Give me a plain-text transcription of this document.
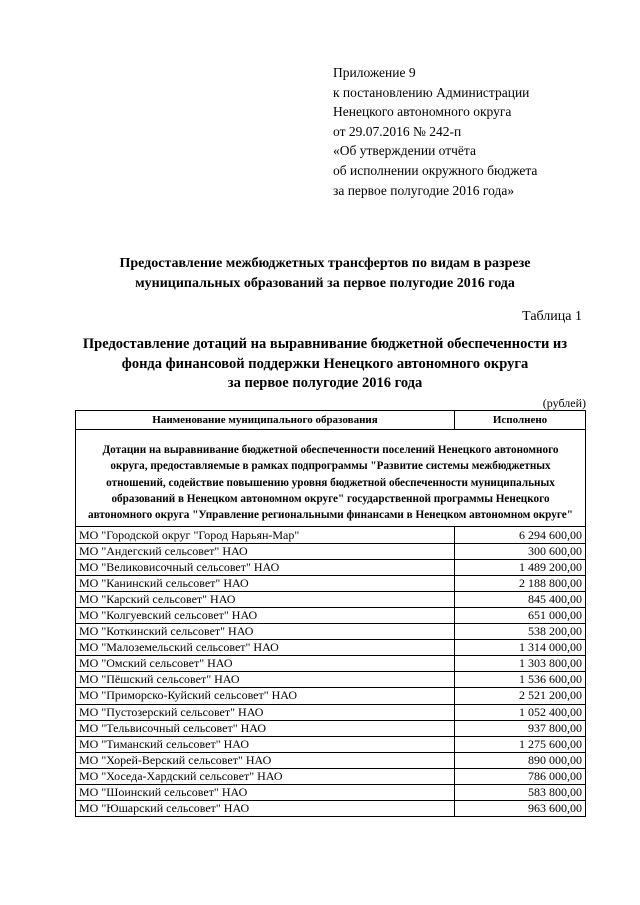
Приложение 9
к постановлению Администрации
Ненецкого автономного округа
от 29.07.2016 № 242-п
«Об утверждении отчёта
об исполнении окружного бюджета
за первое полугодие 2016 года»
Предоставление межбюджетных трансфертов по видам в разрезе
муниципальных образований за первое полугодие 2016 года
Таблица 1
Предоставление дотаций на выравнивание бюджетной обеспеченности из
фонда финансовой поддержки Ненецкого автономного округа
за первое полугодие 2016 года
(рублей)
Наименование муниципального образования	Исполнено
Дотации на выравнивание бюджетной обеспеченности поселений Ненецкого автономного округа, предоставляемые в рамках подпрограммы "Развитие системы межбюджетных отношений, содействие повышению уровня бюджетной обеспеченности муниципальных образований в Ненецком автономном округе" государственной программы Ненецкого автономного округа "Управление региональными финансами в Ненецком автономном округе"	
МО "Городской округ "Город Нарьян-Мар"	6 294 600,00
МО "Андегский сельсовет" НАО	300 600,00
МО "Великовисочный сельсовет" НАО	1 489 200,00
МО "Канинский сельсовет" НАО	2 188 800,00
МО "Карский сельсовет" НАО	845 400,00
МО "Колгуевский сельсовет" НАО	651 000,00
МО "Коткинский сельсовет" НАО	538 200,00
МО "Малоземельский сельсовет" НАО	1 314 000,00
МО "Омский сельсовет" НАО	1 303 800,00
МО "Пёшский сельсовет" НАО	1 536 600,00
МО "Приморско-Куйский сельсовет" НАО	2 521 200,00
МО "Пустозерский сельсовет" НАО	1 052 400,00
МО "Тельвисочный сельсовет" НАО	937 800,00
МО "Тиманский сельсовет" НАО	1 275 600,00
МО "Хорей-Верский сельсовет" НАО	890 000,00
МО "Хоседа-Хардский сельсовет" НАО	786 000,00
МО "Шоинский сельсовет" НАО	583 800,00
МО "Юшарский сельсовет" НАО	963 600,00
